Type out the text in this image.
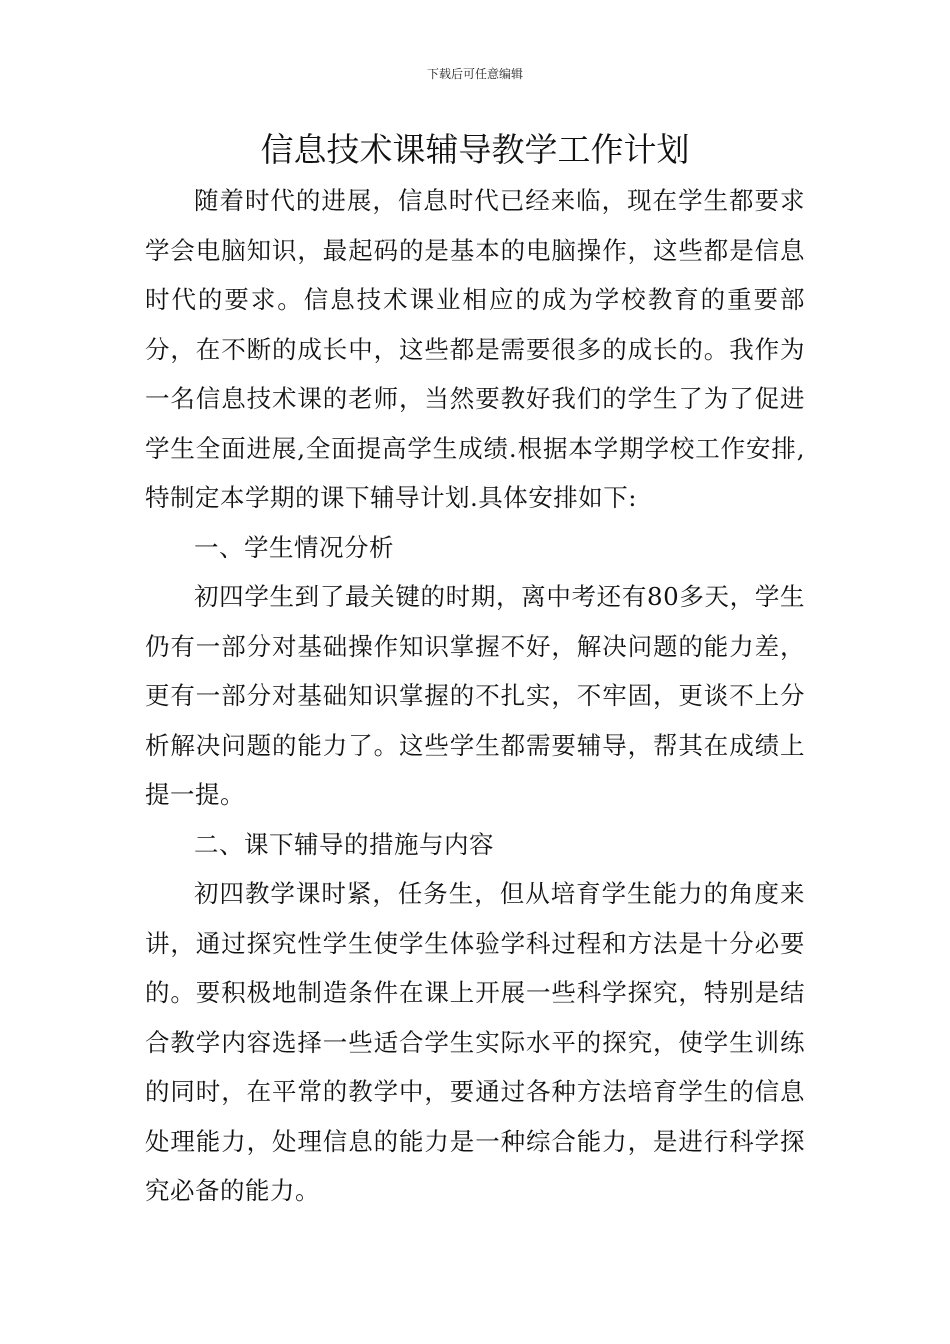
下载后可任意编辑
信息技术课辅导教学工作计划

随着时代的进展，信息时代已经来临，现在学生都要求学会电脑知识，最起码的是基本的电脑操作，这些都是信息时代的要求。信息技术课业相应的成为学校教育的重要部分，在不断的成长中，这些都是需要很多的成长的。我作为一名信息技术课的老师，当然要教好我们的学生了为了促进学生全面进展,全面提高学生成绩.根据本学期学校工作安排,特制定本学期的课下辅导计划.具体安排如下:

一、学生情况分析

初四学生到了最关键的时期，离中考还有80多天，学生仍有一部分对基础操作知识掌握不好，解决问题的能力差，更有一部分对基础知识掌握的不扎实，不牢固，更谈不上分析解决问题的能力了。这些学生都需要辅导，帮其在成绩上提一提。

二、课下辅导的措施与内容

初四教学课时紧，任务生，但从培育学生能力的角度来讲，通过探究性学生使学生体验学科过程和方法是十分必要的。要积极地制造条件在课上开展一些科学探究，特别是结合教学内容选择一些适合学生实际水平的探究，使学生训练的同时，在平常的教学中，要通过各种方法培育学生的信息处理能力，处理信息的能力是一种综合能力，是进行科学探究必备的能力。
